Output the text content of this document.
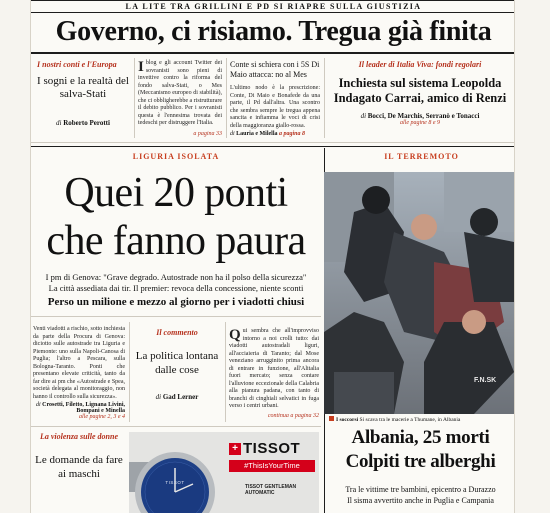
LA LITE TRA GRILLINI E PD SI RIAPRE SULLA GIUSTIZIA
Governo, ci risiamo. Tregua già finita
I nostri conti e l'Europa
I sogni e la realtà del salva-Stati
di Roberto Perotti
Iblog e gli account Twitter dei sovranisti sono pieni di invettive contro la riforma del fondo salva-Stati, o Mes (Meccanismo europeo di stabilità), che ci obbligherebbe a ristrutturare il debito pubblico. Per i sovranisti questa è l'ennesima trovata dei tedeschi per distruggere l'Italia.
a pagina 33
Conte si schiera con i 5S Di Maio attacca: no al Mes
L'ultimo nodo è la prescrizione: Conte, Di Maio e Bonafede da una parte, il Pd dall'altra. Una scontro che sembra sempre le tregua appena sancita e infiamma le voci di crisi della maggioranza giallo-rossa.
di Lauria e Milella a pagina 8
Il leader di Italia Viva: fondi regolari
Inchiesta sul sistema Leopolda Indagato Carrai, amico di Renzi
di Bocci, De Marchis, Serranò e Tonacci
alle pagine 8 e 9
LIGURIA ISOLATA
Quei 20 ponti
che fanno paura
I pm di Genova: "Grave degrado. Autostrade non ha il polso della sicurezza"
La città assediata dai tir. Il premier: revoca della concessione, niente sconti
Perso un milione e mezzo al giorno per i viadotti chiusi
Venti viadotti a rischio, sotto inchiesta da parte della Procura di Genova: diciotto sulle autostrade tra Liguria e Piemonte: uno sulla Napoli-Canosa di Puglia; l'altro a Pescara, sulla Bologna-Taranto. Ponti che presentano elevate criticità, tanto da far dire ai pm che «Autostrade e Spea, società delegata al monitoraggio, non hanno il controllo sulla sicurezza».
di Crosetti, Filetto, Lignana Livini, Bompani e Minella
alle pagine 2, 3 e 4
Il commento
La politica lontana dalle cose
di Gad Lerner
Qui sembra che all'improvviso intorno a noi crolli tutto: dai viadotti autostradali liguri, all'acciaieria di Taranto; dal Mose veneziano arrugginito prima ancora di entrare in funzione, all'Alitalia fuori mercato; senza contare l'alluvione eccezionale della Calabria alla pianura padana, con tanto di branchi di cinghiali selvatici in fuga verso i centri urbani.
continua a pagina 32
La violenza sulle donne
Le domande da fare ai maschi
TISSOT
+ TISSOT
#ThisIsYourTime
TISSOT GENTLEMAN AUTOMATIC
IL TERREMOTO
F.N.SK
I soccorsi Si scava tra le macerie a Thumane, in Albania
Albania, 25 morti Colpiti tre alberghi
Tra le vittime tre bambini, epicentro a Durazzo
Il sisma avvertito anche in Puglia e Campania
